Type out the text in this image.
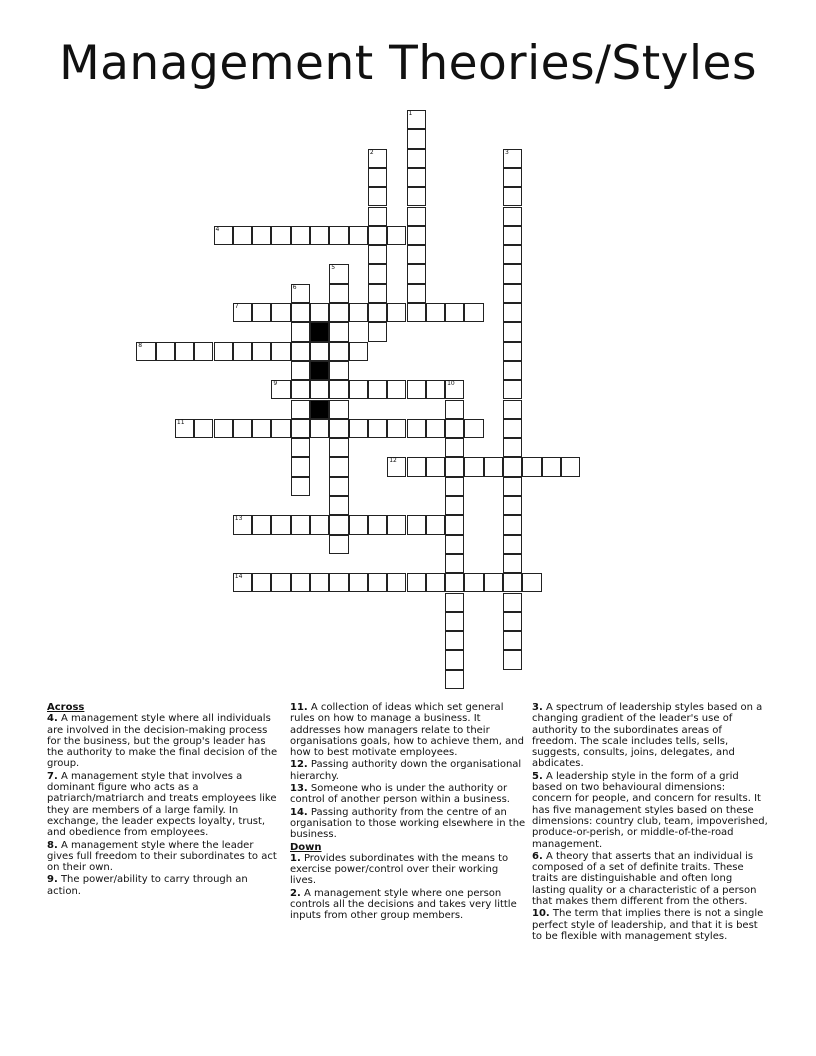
Management Theories/Styles
1
2	3
4
5
6
7
8
9	10
11
12
13
14
Across
4. A management style where all individuals are involved in the decision-making process for the business, but the group's leader has the authority to make the final decision of the group.
7. A management style that involves a dominant figure who acts as a patriarch/matriarch and treats employees like they are members of a large family. In exchange, the leader expects loyalty, trust, and obedience from employees.
8. A management style where the leader gives full freedom to their subordinates to act on their own.
9. The power/ability to carry through an action.
11. A collection of ideas which set general rules on how to manage a business. It addresses how managers relate to their organisations goals, how to achieve them, and how to best motivate employees.
12. Passing authority down the organisational hierarchy.
13. Someone who is under the authority or control of another person within a business.
14. Passing authority from the centre of an organisation to those working elsewhere in the business.
Down
1. Provides subordinates with the means to exercise power/control over their working lives.
2. A management style where one person controls all the decisions and takes very little inputs from other group members.
3. A spectrum of leadership styles based on a changing gradient of the leader's use of authority to the subordinates areas of freedom. The scale includes tells, sells, suggests, consults, joins, delegates, and abdicates.
5. A leadership style in the form of a grid based on two behavioural dimensions: concern for people, and concern for results. It has five management styles based on these dimensions: country club, team, impoverished, produce-or-perish, or middle-of-the-road management.
6. A theory that asserts that an individual is composed of a set of definite traits. These traits are distinguishable and often long lasting quality or a characteristic of a person that makes them different from the others.
10. The term that implies there is not a single perfect style of leadership, and that it is best to be flexible with management styles.
